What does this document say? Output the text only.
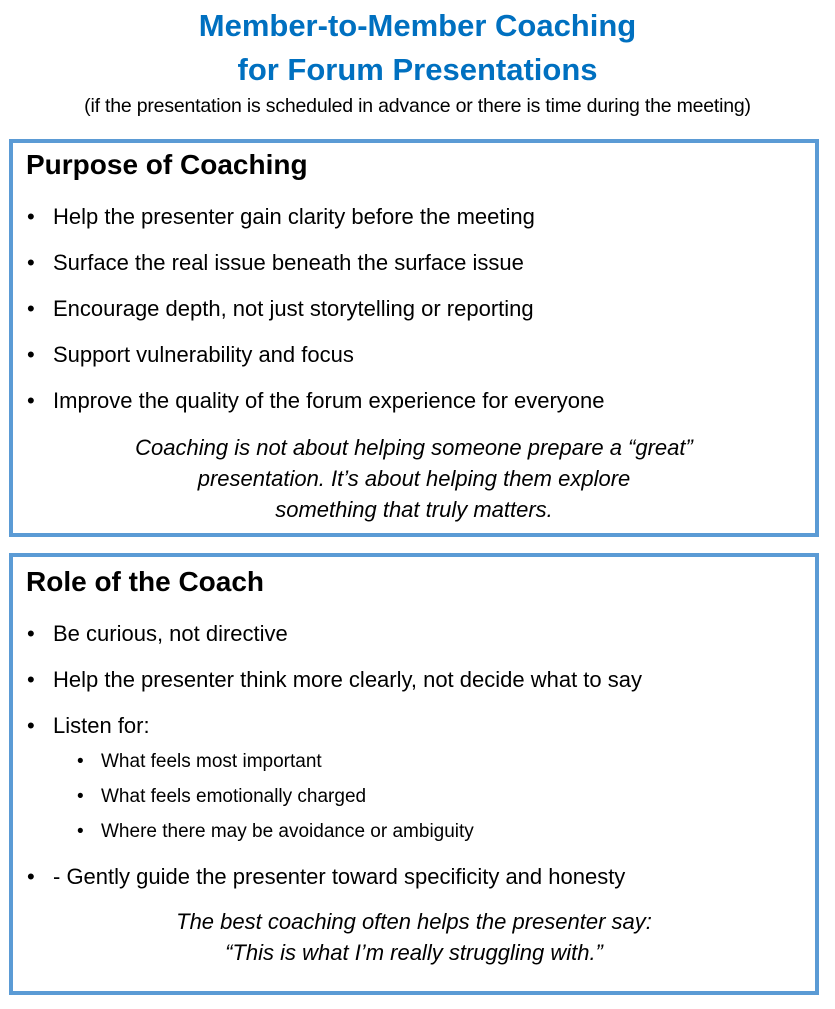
Member-to-Member Coaching
for Forum Presentations
(if the presentation is scheduled in advance or there is time during the meeting)
Purpose of Coaching
• Help the presenter gain clarity before the meeting
• Surface the real issue beneath the surface issue
• Encourage depth, not just storytelling or reporting
• Support vulnerability and focus
• Improve the quality of the forum experience for everyone
Coaching is not about helping someone prepare a “great”
presentation. It’s about helping them explore
something that truly matters.
Role of the Coach
• Be curious, not directive
• Help the presenter think more clearly, not decide what to say
• Listen for:
• What feels most important
• What feels emotionally charged
• Where there may be avoidance or ambiguity
• - Gently guide the presenter toward specificity and honesty
The best coaching often helps the presenter say:
“This is what I’m really struggling with.”
